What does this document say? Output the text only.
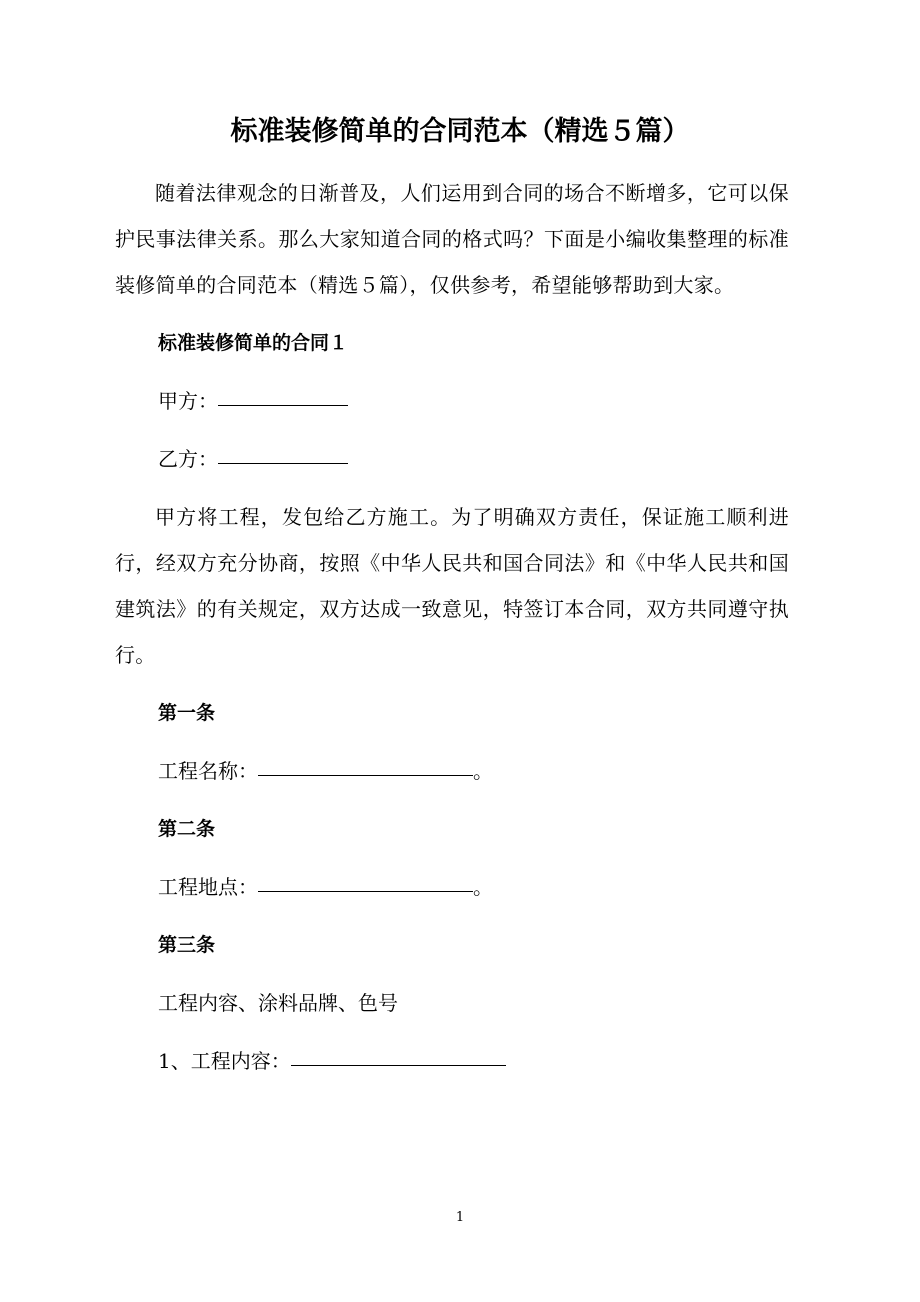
标准装修简单的合同范本（精选５篇）

随着法律观念的日渐普及，人们运用到合同的场合不断增多，它可以保护民事法律关系。那么大家知道合同的格式吗？下面是小编收集整理的标准装修简单的合同范本（精选５篇），仅供参考，希望能够帮助到大家。

标准装修简单的合同１

甲方：

乙方：

甲方将工程，发包给乙方施工。为了明确双方责任，保证施工顺利进行，经双方充分协商，按照《中华人民共和国合同法》和《中华人民共和国建筑法》的有关规定，双方达成一致意见，特签订本合同，双方共同遵守执行。

第一条

工程名称：	。

第二条

工程地点：	。

第三条

工程内容、涂料品牌、色号

1、工程内容：

1
